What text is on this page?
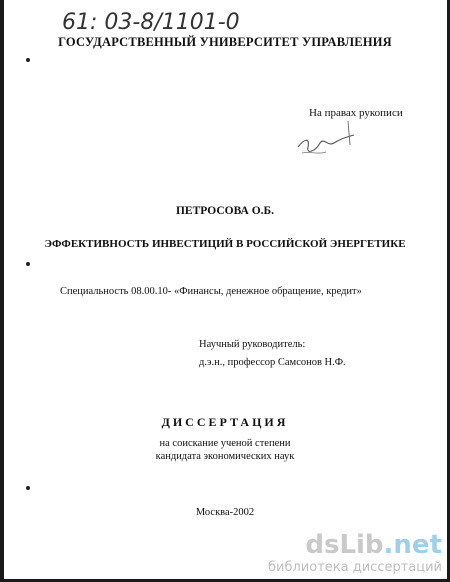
61: 03-8/1101-0

ГОСУДАРСТВЕННЫЙ УНИВЕРСИТЕТ УПРАВЛЕНИЯ

На правах рукописи

ПЕТРОСОВА О.Б.

ЭФФЕКТИВНОСТЬ ИНВЕСТИЦИЙ В РОССИЙСКОЙ ЭНЕРГЕТИКЕ

Специальность 08.00.10- «Финансы, денежное обращение, кредит»

Научный руководитель:

д.э.н., профессор Самсонов Н.Ф.

ДИССЕРТАЦИЯ

на соискание ученой степени

кандидата экономических наук

Москва-2002

dsLib .net
библиотека диссертаций
